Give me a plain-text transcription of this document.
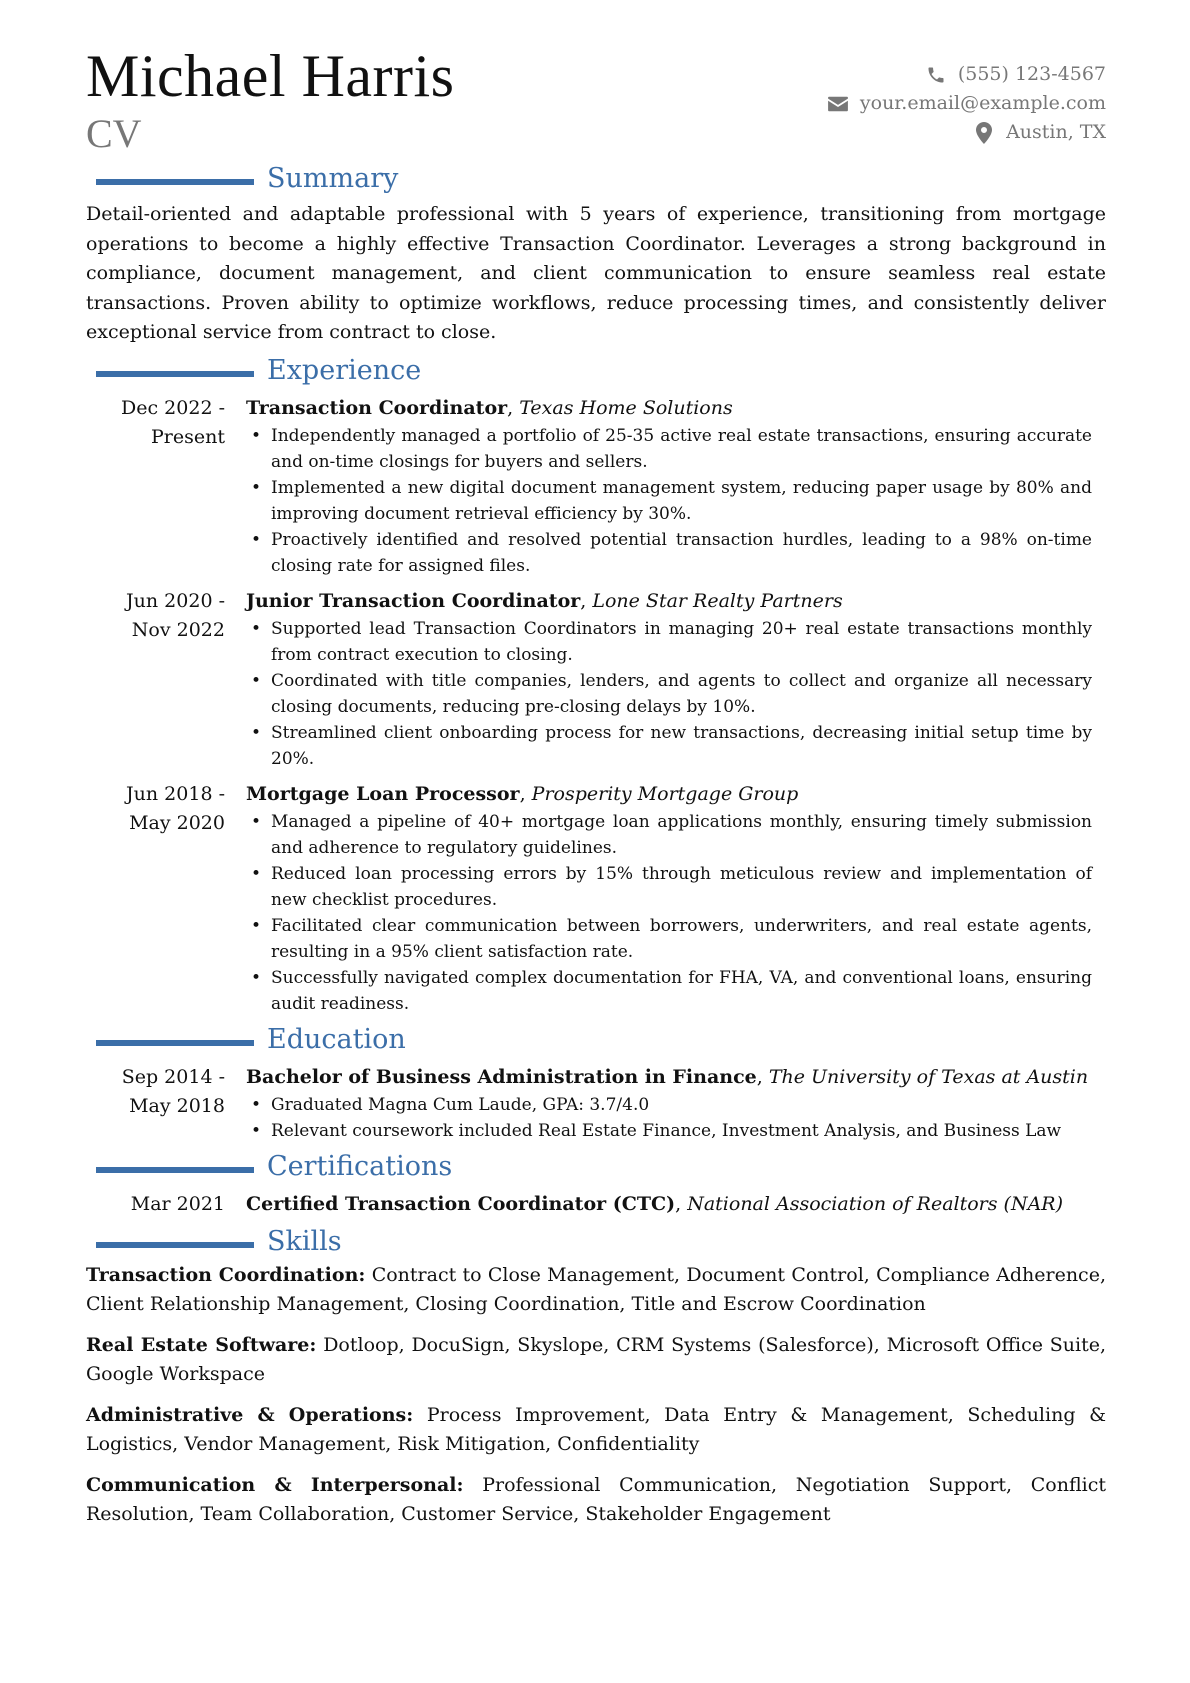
Michael Harris
CV
(555) 123-4567
your.email@example.com
Austin, TX
Summary

Detail-oriented and adaptable professional with 5 years of experience, transitioning from mortgage operations to become a highly effective Transaction Coordinator. Leverages a strong background in compliance, document management, and client communication to ensure seamless real estate transactions. Proven ability to optimize workflows, reduce processing times, and consistently deliver exceptional service from contract to close.

Experience
Dec 2022 - Present
Transaction Coordinator, Texas Home Solutions
• Independently managed a portfolio of 25-35 active real estate transactions, ensuring accurate and on-time closings for buyers and sellers.
• Implemented a new digital document management system, reducing paper usage by 80% and improving document retrieval efficiency by 30%.
• Proactively identified and resolved potential transaction hurdles, leading to a 98% on-time closing rate for assigned files.
Jun 2020 - Nov 2022
Junior Transaction Coordinator, Lone Star Realty Partners
• Supported lead Transaction Coordinators in managing 20+ real estate transactions monthly from contract execution to closing.
• Coordinated with title companies, lenders, and agents to collect and organize all necessary closing documents, reducing pre-closing delays by 10%.
• Streamlined client onboarding process for new transactions, decreasing initial setup time by 20%.
Jun 2018 - May 2020
Mortgage Loan Processor, Prosperity Mortgage Group
• Managed a pipeline of 40+ mortgage loan applications monthly, ensuring timely submission and adherence to regulatory guidelines.
• Reduced loan processing errors by 15% through meticulous review and implementation of new checklist procedures.
• Facilitated clear communication between borrowers, underwriters, and real estate agents, resulting in a 95% client satisfaction rate.
• Successfully navigated complex documentation for FHA, VA, and conventional loans, ensuring audit readiness.
Education
Sep 2014 - May 2018
Bachelor of Business Administration in Finance, The University of Texas at Austin
• Graduated Magna Cum Laude, GPA: 3.7/4.0
• Relevant coursework included Real Estate Finance, Investment Analysis, and Business Law
Certifications
Mar 2021	Certified Transaction Coordinator (CTC), National Association of Realtors (NAR)
Skills

Transaction Coordination: Contract to Close Management, Document Control, Compliance Adherence, Client Relationship Management, Closing Coordination, Title and Escrow Coordination

Real Estate Software: Dotloop, DocuSign, Skyslope, CRM Systems (Salesforce), Microsoft Office Suite, Google Workspace

Administrative & Operations: Process Improvement, Data Entry & Management, Scheduling & Logistics, Vendor Management, Risk Mitigation, Confidentiality

Communication & Interpersonal: Professional Communication, Negotiation Support, Conflict Resolution, Team Collaboration, Customer Service, Stakeholder Engagement
